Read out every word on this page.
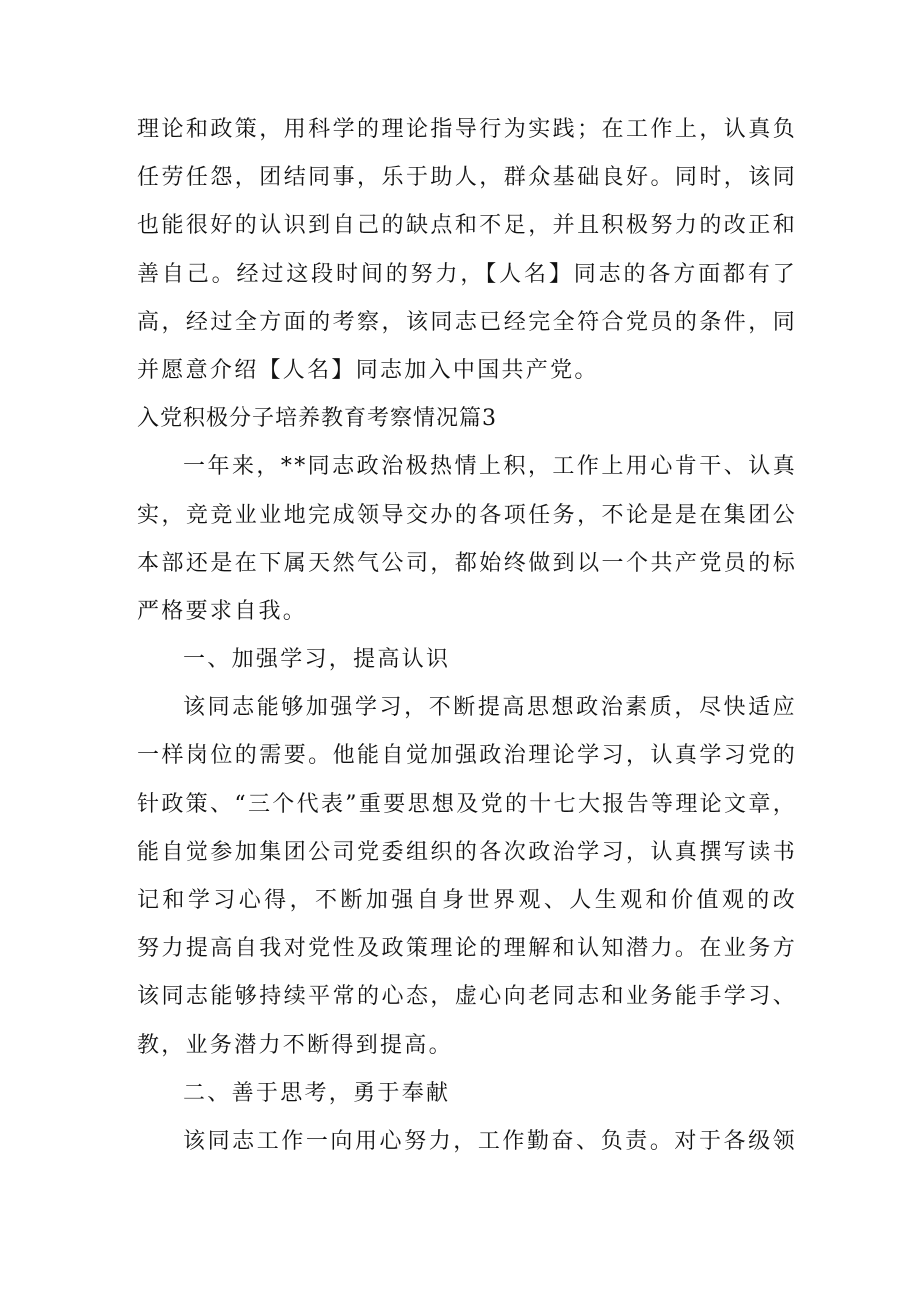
理论和政策，用科学的理论指导行为实践；在工作上，认真负
任劳任怨，团结同事，乐于助人，群众基础良好。同时，该同
也能很好的认识到自己的缺点和不足，并且积极努力的改正和
善自己。经过这段时间的努力，【人名】同志的各方面都有了
高，经过全方面的考察，该同志已经完全符合党员的条件，同
并愿意介绍【人名】同志加入中国共产党。
入党积极分子培养教育考察情况篇3
一年来，**同志政治极热情上积，工作上用心肯干、认真
实，竞竞业业地完成领导交办的各项任务，不论是是在集团公
本部还是在下属天然气公司，都始终做到以一个共产党员的标
严格要求自我。
一、加强学习，提高认识
该同志能够加强学习，不断提高思想政治素质，尽快适应
一样岗位的需要。他能自觉加强政治理论学习，认真学习党的
针政策、“三个代表”重要思想及党的十七大报告等理论文章，
能自觉参加集团公司党委组织的各次政治学习，认真撰写读书
记和学习心得，不断加强自身世界观、人生观和价值观的改
努力提高自我对党性及政策理论的理解和认知潜力。在业务方
该同志能够持续平常的心态，虚心向老同志和业务能手学习、
教，业务潜力不断得到提高。
二、善于思考，勇于奉献
该同志工作一向用心努力，工作勤奋、负责。对于各级领
